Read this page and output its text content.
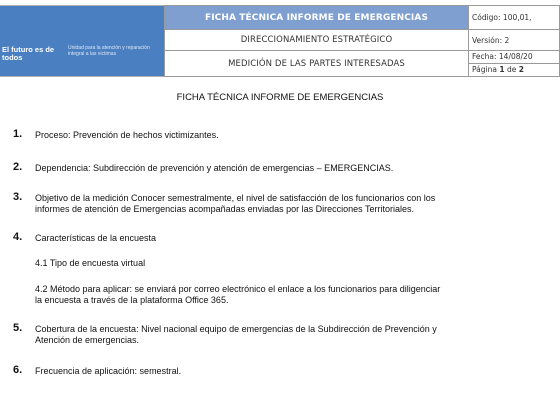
El futuro es de todos
Unidad para la atención y reparación integral a las víctimas
FICHA TÉCNICA INFORME DE EMERGENCIAS	Código: 100,01,
DIRECCIONAMIENTO ESTRATÉGICO	Versión: 2
MEDICIÓN DE LAS PARTES INTERESADAS	Fecha: 14/08/20
	Página 1 de 2
FICHA TÉCNICA INFORME DE EMERGENCIAS
1.	Proceso: Prevención de hechos victimizantes.
2.	Dependencia: Subdirección de prevención y atención de emergencias – EMERGENCIAS.
3.	Objetivo de la medición Conocer semestralmente, el nivel de satisfacción de los funcionarios con los
informes de atención de Emergencias acompañadas enviadas por las Direcciones Territoriales.
4.	Características de la encuesta
4.1 Tipo de encuesta virtual
4.2 Método para aplicar: se enviará por correo electrónico el enlace a los funcionarios para diligenciar
la encuesta a través de la plataforma Office 365.
5.	Cobertura de la encuesta: Nivel nacional equipo de emergencias de la Subdirección de Prevención y
Atención de emergencias.
6.	Frecuencia de aplicación: semestral.
